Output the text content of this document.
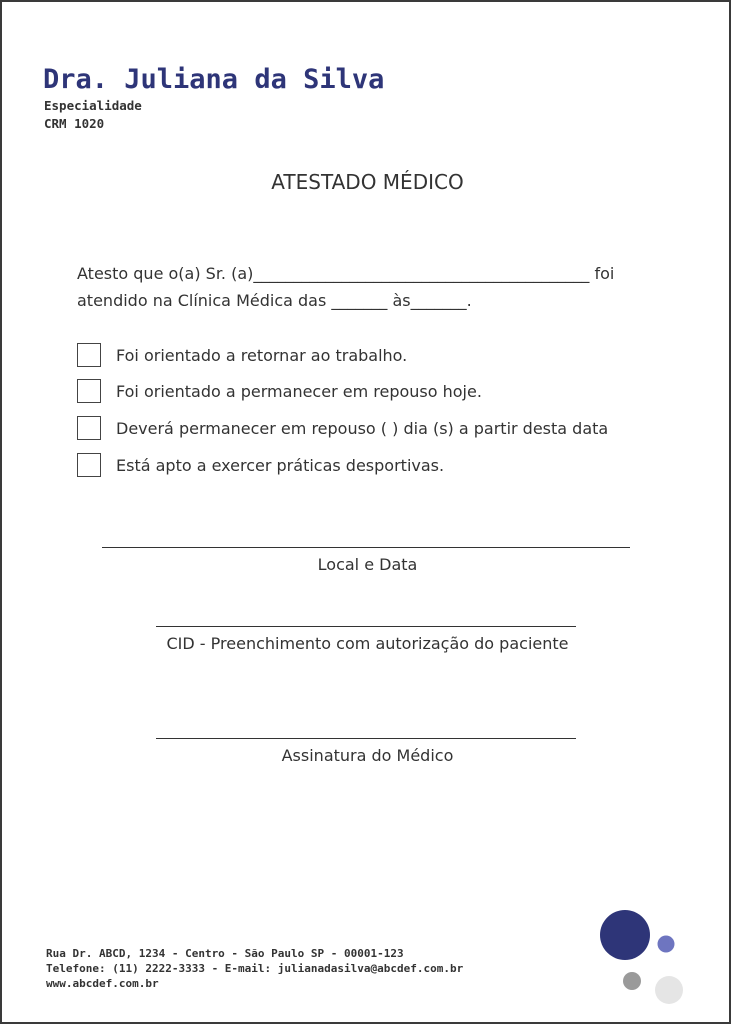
Dra. Juliana da Silva
Especialidade
CRM 1020
ATESTADO MÉDICO
Atesto que o(a) Sr. (a)__________________________________________ foi
atendido na Clínica Médica das _______ às_______.
Foi orientado a retornar ao trabalho.
Foi orientado a permanecer em repouso hoje.
Deverá permanecer em repouso ( ) dia (s) a partir desta data
Está apto a exercer práticas desportivas.
Local e Data
CID - Preenchimento com autorização do paciente
Assinatura do Médico
Rua Dr. ABCD, 1234 - Centro - São Paulo SP - 00001-123
Telefone: (11) 2222-3333 - E-mail: julianadasilva@abcdef.com.br
www.abcdef.com.br
